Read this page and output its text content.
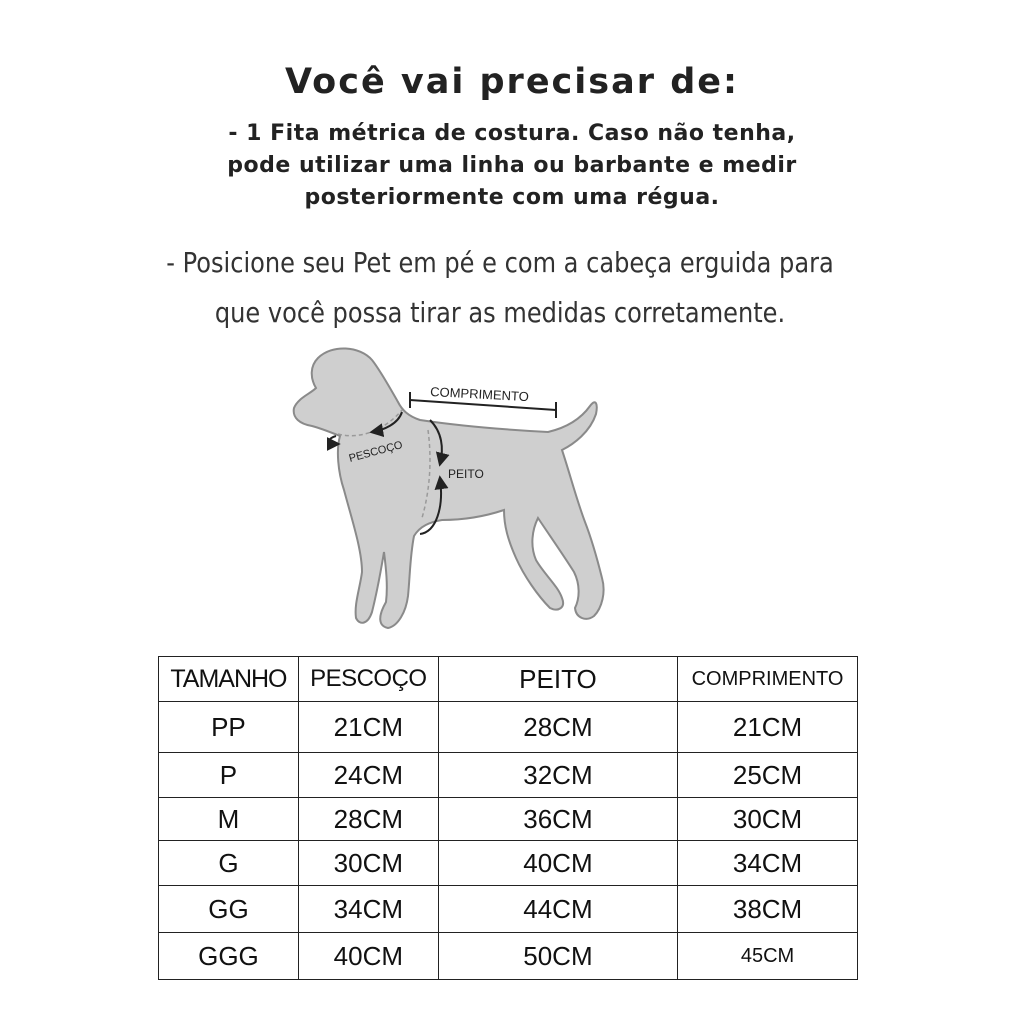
Você vai precisar de:
- 1 Fita métrica de costura. Caso não tenha,
pode utilizar uma linha ou barbante e medir
posteriormente com uma régua.
- Posicione seu Pet em pé e com a cabeça erguida para
que você possa tirar as medidas corretamente.
COMPRIMENTO
PESCOÇO
PEITO
TAMANHO	PESCOÇO	PEITO	COMPRIMENTO
PP	21CM	28CM	21CM
P	24CM	32CM	25CM
M	28CM	36CM	30CM
G	30CM	40CM	34CM
GG	34CM	44CM	38CM
GGG	40CM	50CM	45CM
